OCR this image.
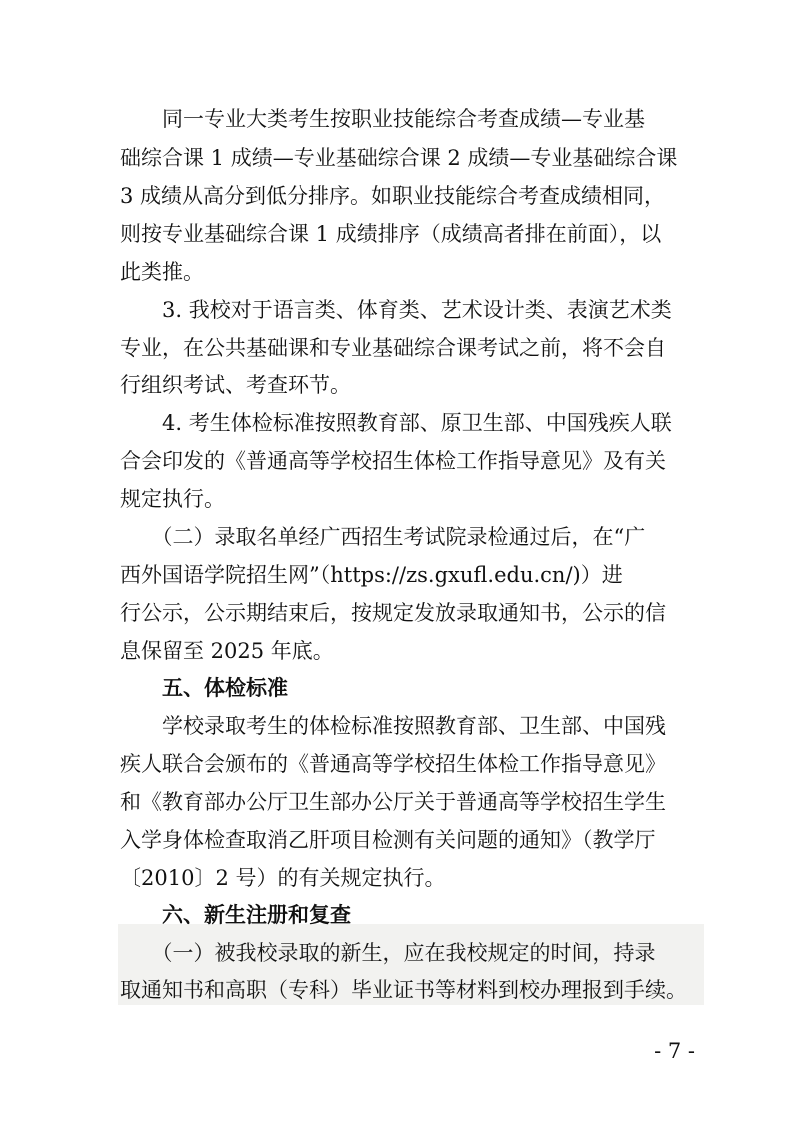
　　同一专业大类考生按职业技能综合考查成绩—专业基
础综合课 1 成绩—专业基础综合课 2 成绩—专业基础综合课
3 成绩从高分到低分排序。如职业技能综合考查成绩相同，
则按专业基础综合课 1 成绩排序（成绩高者排在前面），以
此类推。
　　3. 我校对于语言类、体育类、艺术设计类、表演艺术类
专业，在公共基础课和专业基础综合课考试之前，将不会自
行组织考试、考查环节。
　　4. 考生体检标准按照教育部、原卫生部、中国残疾人联
合会印发的《普通高等学校招生体检工作指导意见》及有关
规定执行。
　　（二）录取名单经广西招生考试院录检通过后，在“广
西外国语学院招生网”（https://zs.gxufl.edu.cn/)）进
行公示，公示期结束后，按规定发放录取通知书，公示的信
息保留至 2025 年底。
　　五、体检标准
　　学校录取考生的体检标准按照教育部、卫生部、中国残
疾人联合会颁布的《普通高等学校招生体检工作指导意见》
和《教育部办公厅卫生部办公厅关于普通高等学校招生学生
入学身体检查取消乙肝项目检测有关问题的通知》（教学厅
〔2010〕2 号）的有关规定执行。
　　六、新生注册和复查
　　（一）被我校录取的新生，应在我校规定的时间，持录
取通知书和高职（专科）毕业证书等材料到校办理报到手续。
- 7 -
